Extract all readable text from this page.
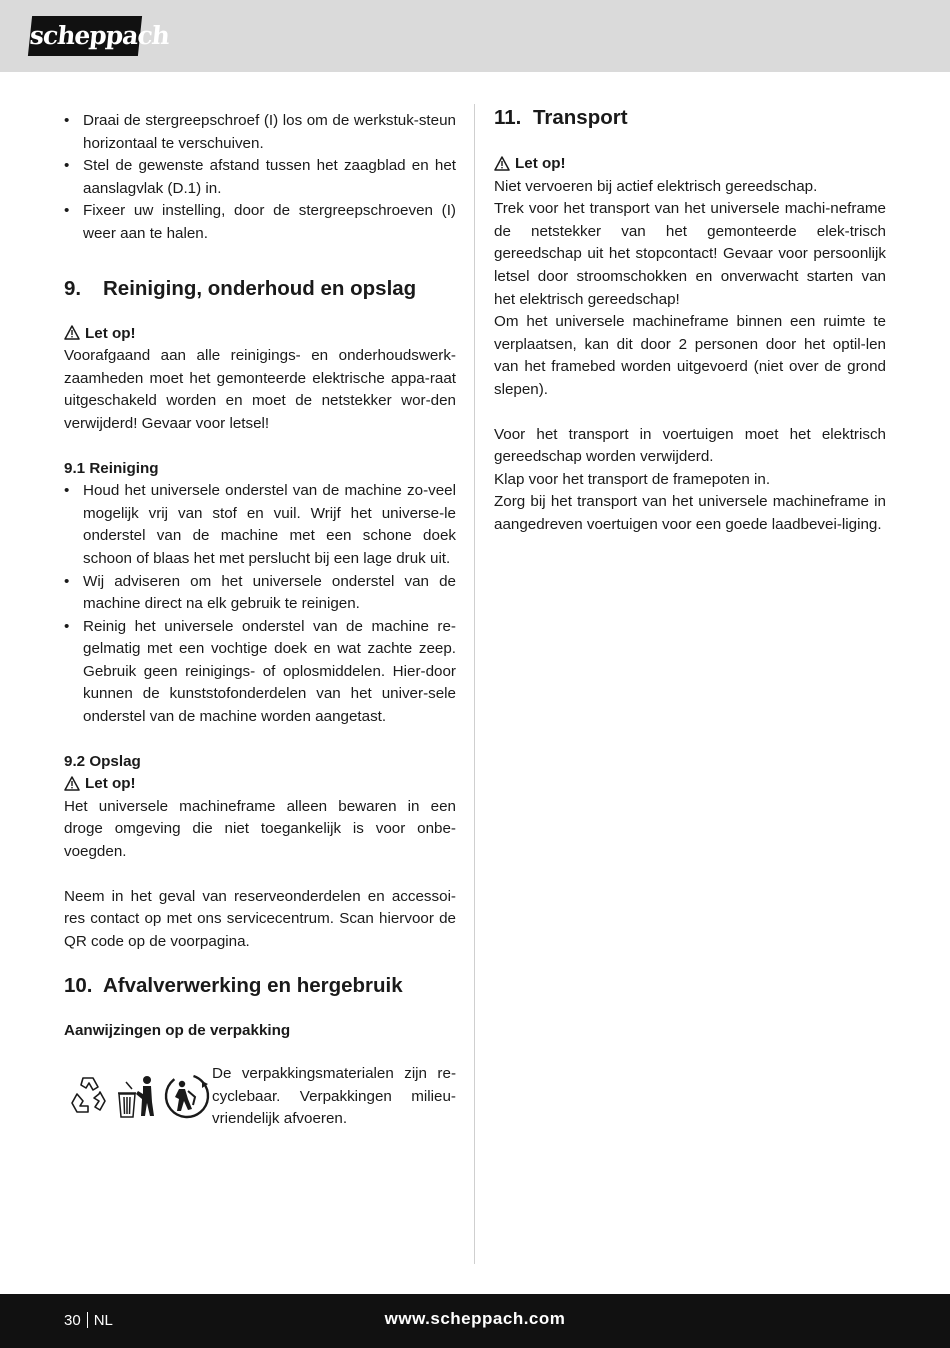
scheppach
• Draai de stergreepschroef (I) los om de werkstuk-steun horizontaal te verschuiven.
• Stel de gewenste afstand tussen het zaagblad en het aanslagvlak (D.1) in.
• Fixeer uw instelling, door de stergreepschroeven (I) weer aan te halen.
9. Reiniging, onderhoud en opslag
Let op!

Voorafgaand aan alle reinigings- en onderhoudswerk-zaamheden moet het gemonteerde elektrische appa-raat uitgeschakeld worden en moet de netstekker wor-den verwijderd! Gevaar voor letsel!

9.1 Reiniging
• Houd het universele onderstel van de machine zo-veel mogelijk vrij van stof en vuil. Wrijf het universe-le onderstel van de machine met een schone doek schoon of blaas het met perslucht bij een lage druk uit.
• Wij adviseren om het universele onderstel van de machine direct na elk gebruik te reinigen.
• Reinig het universele onderstel van de machine re-gelmatig met een vochtige doek en wat zachte zeep. Gebruik geen reinigings- of oplosmiddelen. Hier-door kunnen de kunststofonderdelen van het univer-sele onderstel van de machine worden aangetast.
9.2 Opslag
Let op!

Het universele machineframe alleen bewaren in een droge omgeving die niet toegankelijk is voor onbe-voegden.

Neem in het geval van reserveonderdelen en accessoi-res contact op met ons servicecentrum. Scan hiervoor de QR code op de voorpagina.

10. Afvalverwerking en hergebruik
Aanwijzingen op de verpakking

De verpakkingsmaterialen zijn re-cyclebaar. Verpakkingen milieu-vriendelijk afvoeren.

11. Transport
Let op!

Niet vervoeren bij actief elektrisch gereedschap.

Trek voor het transport van het universele machi-neframe de netstekker van het gemonteerde elek-trisch gereedschap uit het stopcontact! Gevaar voor persoonlijk letsel door stroomschokken en onverwacht starten van het elektrisch gereedschap!

Om het universele machineframe binnen een ruimte te verplaatsen, kan dit door 2 personen door het optil-len van het framebed worden uitgevoerd (niet over de grond slepen).

Voor het transport in voertuigen moet het elektrisch gereedschap worden verwijderd.

Klap voor het transport de framepoten in.

Zorg bij het transport van het universele machineframe in aangedreven voertuigen voor een goede laadbevei-liging.

30 NL	www.scheppach.com
